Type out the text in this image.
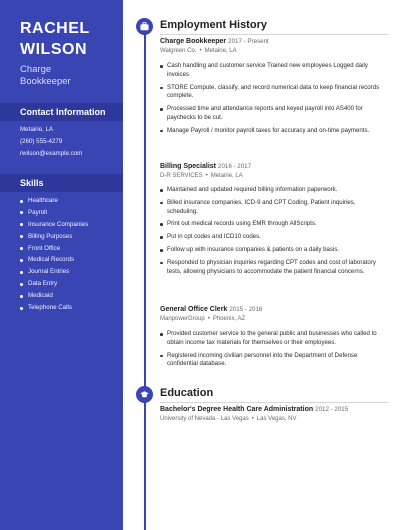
RACHEL
WILSON
Charge
Bookkeeper
Contact Information
Metairie, LA
(260) 555-4279
rwilson@example.com
Skills
Healthcare
Payroll
Insurance Companies
Billing Purposes
Front Office
Medical Records
Journal Entries
Data Entry
Medicaid
Telephone Calls
Employment History
Charge Bookkeeper 2017 - Present
Walgreen Co. • Metairie, LA
Cash handling and customer service Trained new employees Logged daily invoices
STORE Compute, classify, and record numerical data to keep financial records complete.
Processed time and attendance reports and keyed payroll into AS400 for paychecks to be cut.
Manage Payroll / monitor payroll taxes for accuracy and on-time payments.
Billing Specialist 2016 - 2017
D-R SERVICES • Metairie, LA
Maintained and updated required billing information paperwork.
Billed insurance companies, ICD-9 and CPT Coding, Patient inquiries, scheduling.
Print out medical records using EMR through AllScripts.
Put in cpt codes and ICD10 codes.
Follow up with insurance companies & patients on a daily basis.
Responded to physician inquiries regarding CPT codes and cost of laboratory tests, allowing physicians to accommodate the patient financial concerns.
General Office Clerk 2015 - 2016
ManpowerGroup • Phoenix, AZ
Provided customer service to the general public and businesses who called to obtain income tax materials for themselves or their employees.
Registered incoming civilian personnel into the Department of Defense confidential database.
Education
Bachelor's Degree Health Care Administration 2012 - 2015
University of Nevada - Las Vegas • Las Vegas, NV
